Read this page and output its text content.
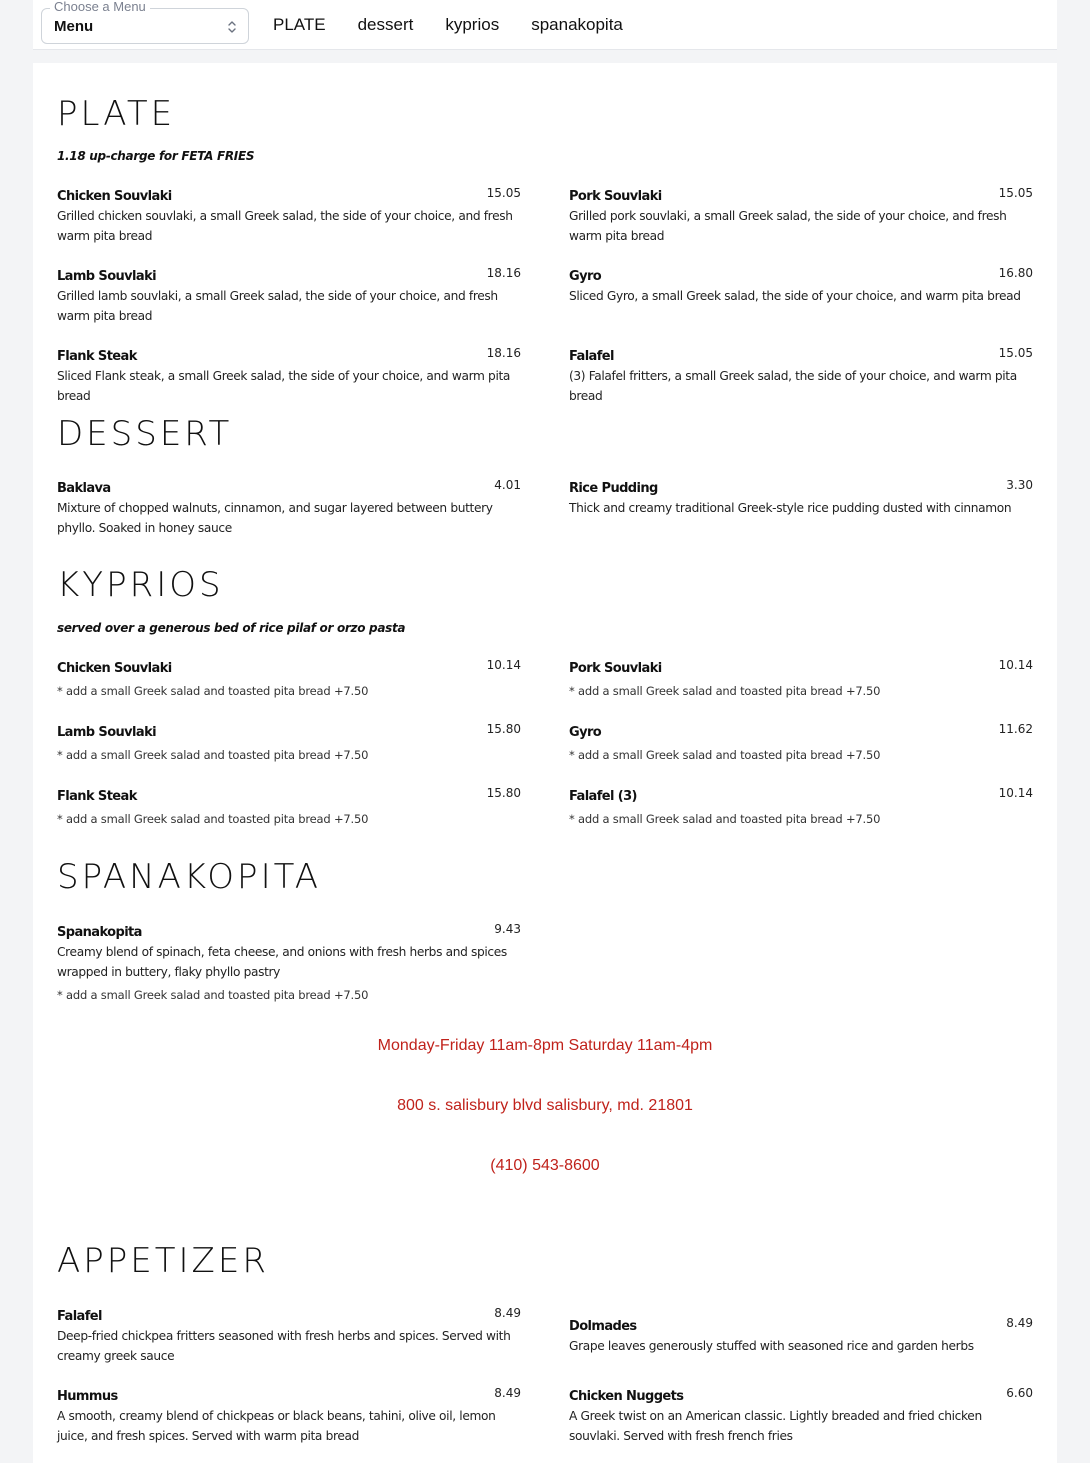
Choose a Menu
Menu	PLATE dessert kyprios spanakopita
PLATE
1.18 up-charge for FETA FRIES
Chicken Souvlaki	15.05
Grilled chicken souvlaki, a small Greek salad, the side of your choice, and fresh warm pita bread
Pork Souvlaki	15.05
Grilled pork souvlaki, a small Greek salad, the side of your choice, and fresh warm pita bread
Lamb Souvlaki	18.16
Grilled lamb souvlaki, a small Greek salad, the side of your choice, and fresh warm pita bread
Gyro	16.80
Sliced Gyro, a small Greek salad, the side of your choice, and warm pita bread
Flank Steak	18.16
Sliced Flank steak, a small Greek salad, the side of your choice, and warm pita bread
Falafel	15.05
(3) Falafel fritters, a small Greek salad, the side of your choice, and warm pita bread
DESSERT
Baklava	4.01
Mixture of chopped walnuts, cinnamon, and sugar layered between buttery phyllo. Soaked in honey sauce
Rice Pudding	3.30
Thick and creamy traditional Greek-style rice pudding dusted with cinnamon
KYPRIOS
served over a generous bed of rice pilaf or orzo pasta
Chicken Souvlaki	10.14
* add a small Greek salad and toasted pita bread +7.50
Pork Souvlaki	10.14
* add a small Greek salad and toasted pita bread +7.50
Lamb Souvlaki	15.80
* add a small Greek salad and toasted pita bread +7.50
Gyro	11.62
* add a small Greek salad and toasted pita bread +7.50
Flank Steak	15.80
* add a small Greek salad and toasted pita bread +7.50
Falafel (3)	10.14
* add a small Greek salad and toasted pita bread +7.50
SPANAKOPITA
Spanakopita	9.43
Creamy blend of spinach, feta cheese, and onions with fresh herbs and spices wrapped in buttery, flaky phyllo pastry
* add a small Greek salad and toasted pita bread +7.50
Monday-Friday 11am-8pm Saturday 11am-4pm
800 s. salisbury blvd salisbury, md. 21801
(410) 543-8600
APPETIZER
Falafel	8.49
Deep-fried chickpea fritters seasoned with fresh herbs and spices. Served with creamy greek sauce
Dolmades	8.49
Grape leaves generously stuffed with seasoned rice and garden herbs
Hummus	8.49
A smooth, creamy blend of chickpeas or black beans, tahini, olive oil, lemon juice, and fresh spices. Served with warm pita bread
Chicken Nuggets	6.60
A Greek twist on an American classic. Lightly breaded and fried chicken souvlaki. Served with fresh french fries
